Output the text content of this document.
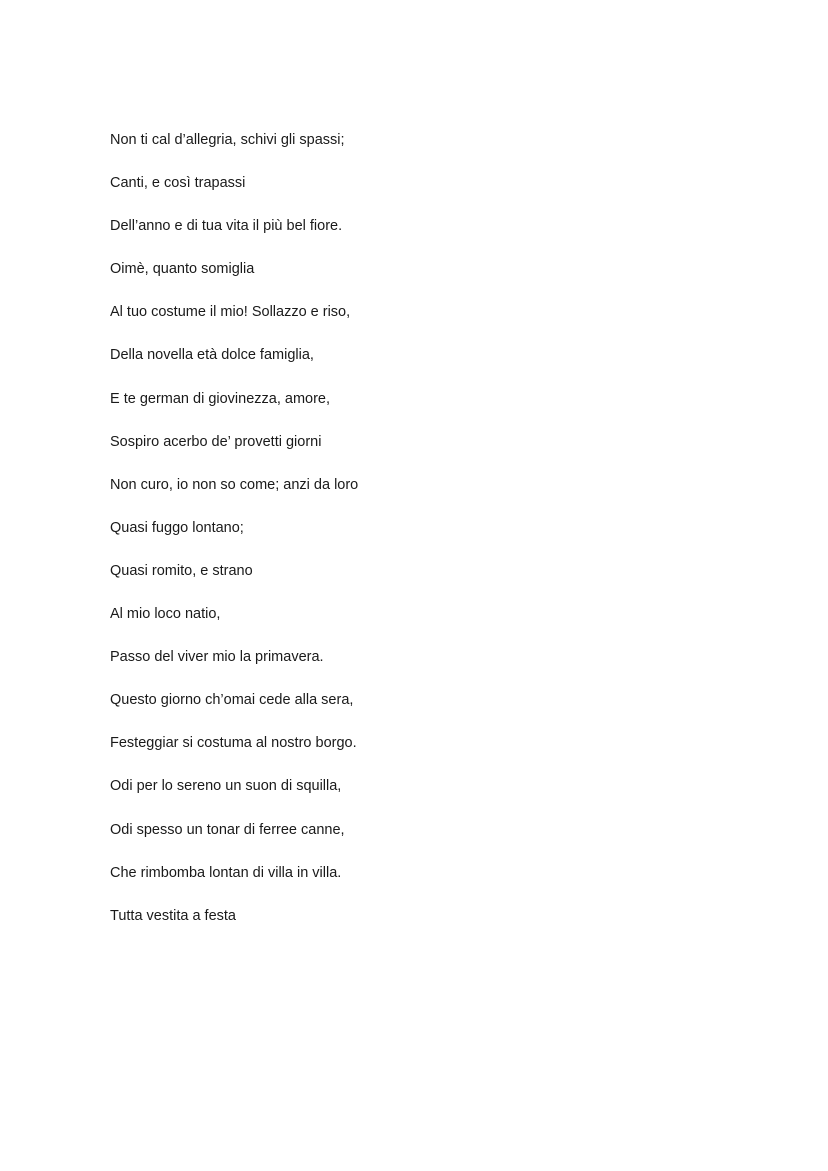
Non ti cal d’allegria, schivi gli spassi;
Canti, e così trapassi
Dell’anno e di tua vita il più bel fiore.
Oimè, quanto somiglia
Al tuo costume il mio! Sollazzo e riso,
Della novella età dolce famiglia,
E te german di giovinezza, amore,
Sospiro acerbo de’ provetti giorni
Non curo, io non so come; anzi da loro
Quasi fuggo lontano;
Quasi romito, e strano
Al mio loco natio,
Passo del viver mio la primavera.
Questo giorno ch’omai cede alla sera,
Festeggiar si costuma al nostro borgo.
Odi per lo sereno un suon di squilla,
Odi spesso un tonar di ferree canne,
Che rimbomba lontan di villa in villa.
Tutta vestita a festa
